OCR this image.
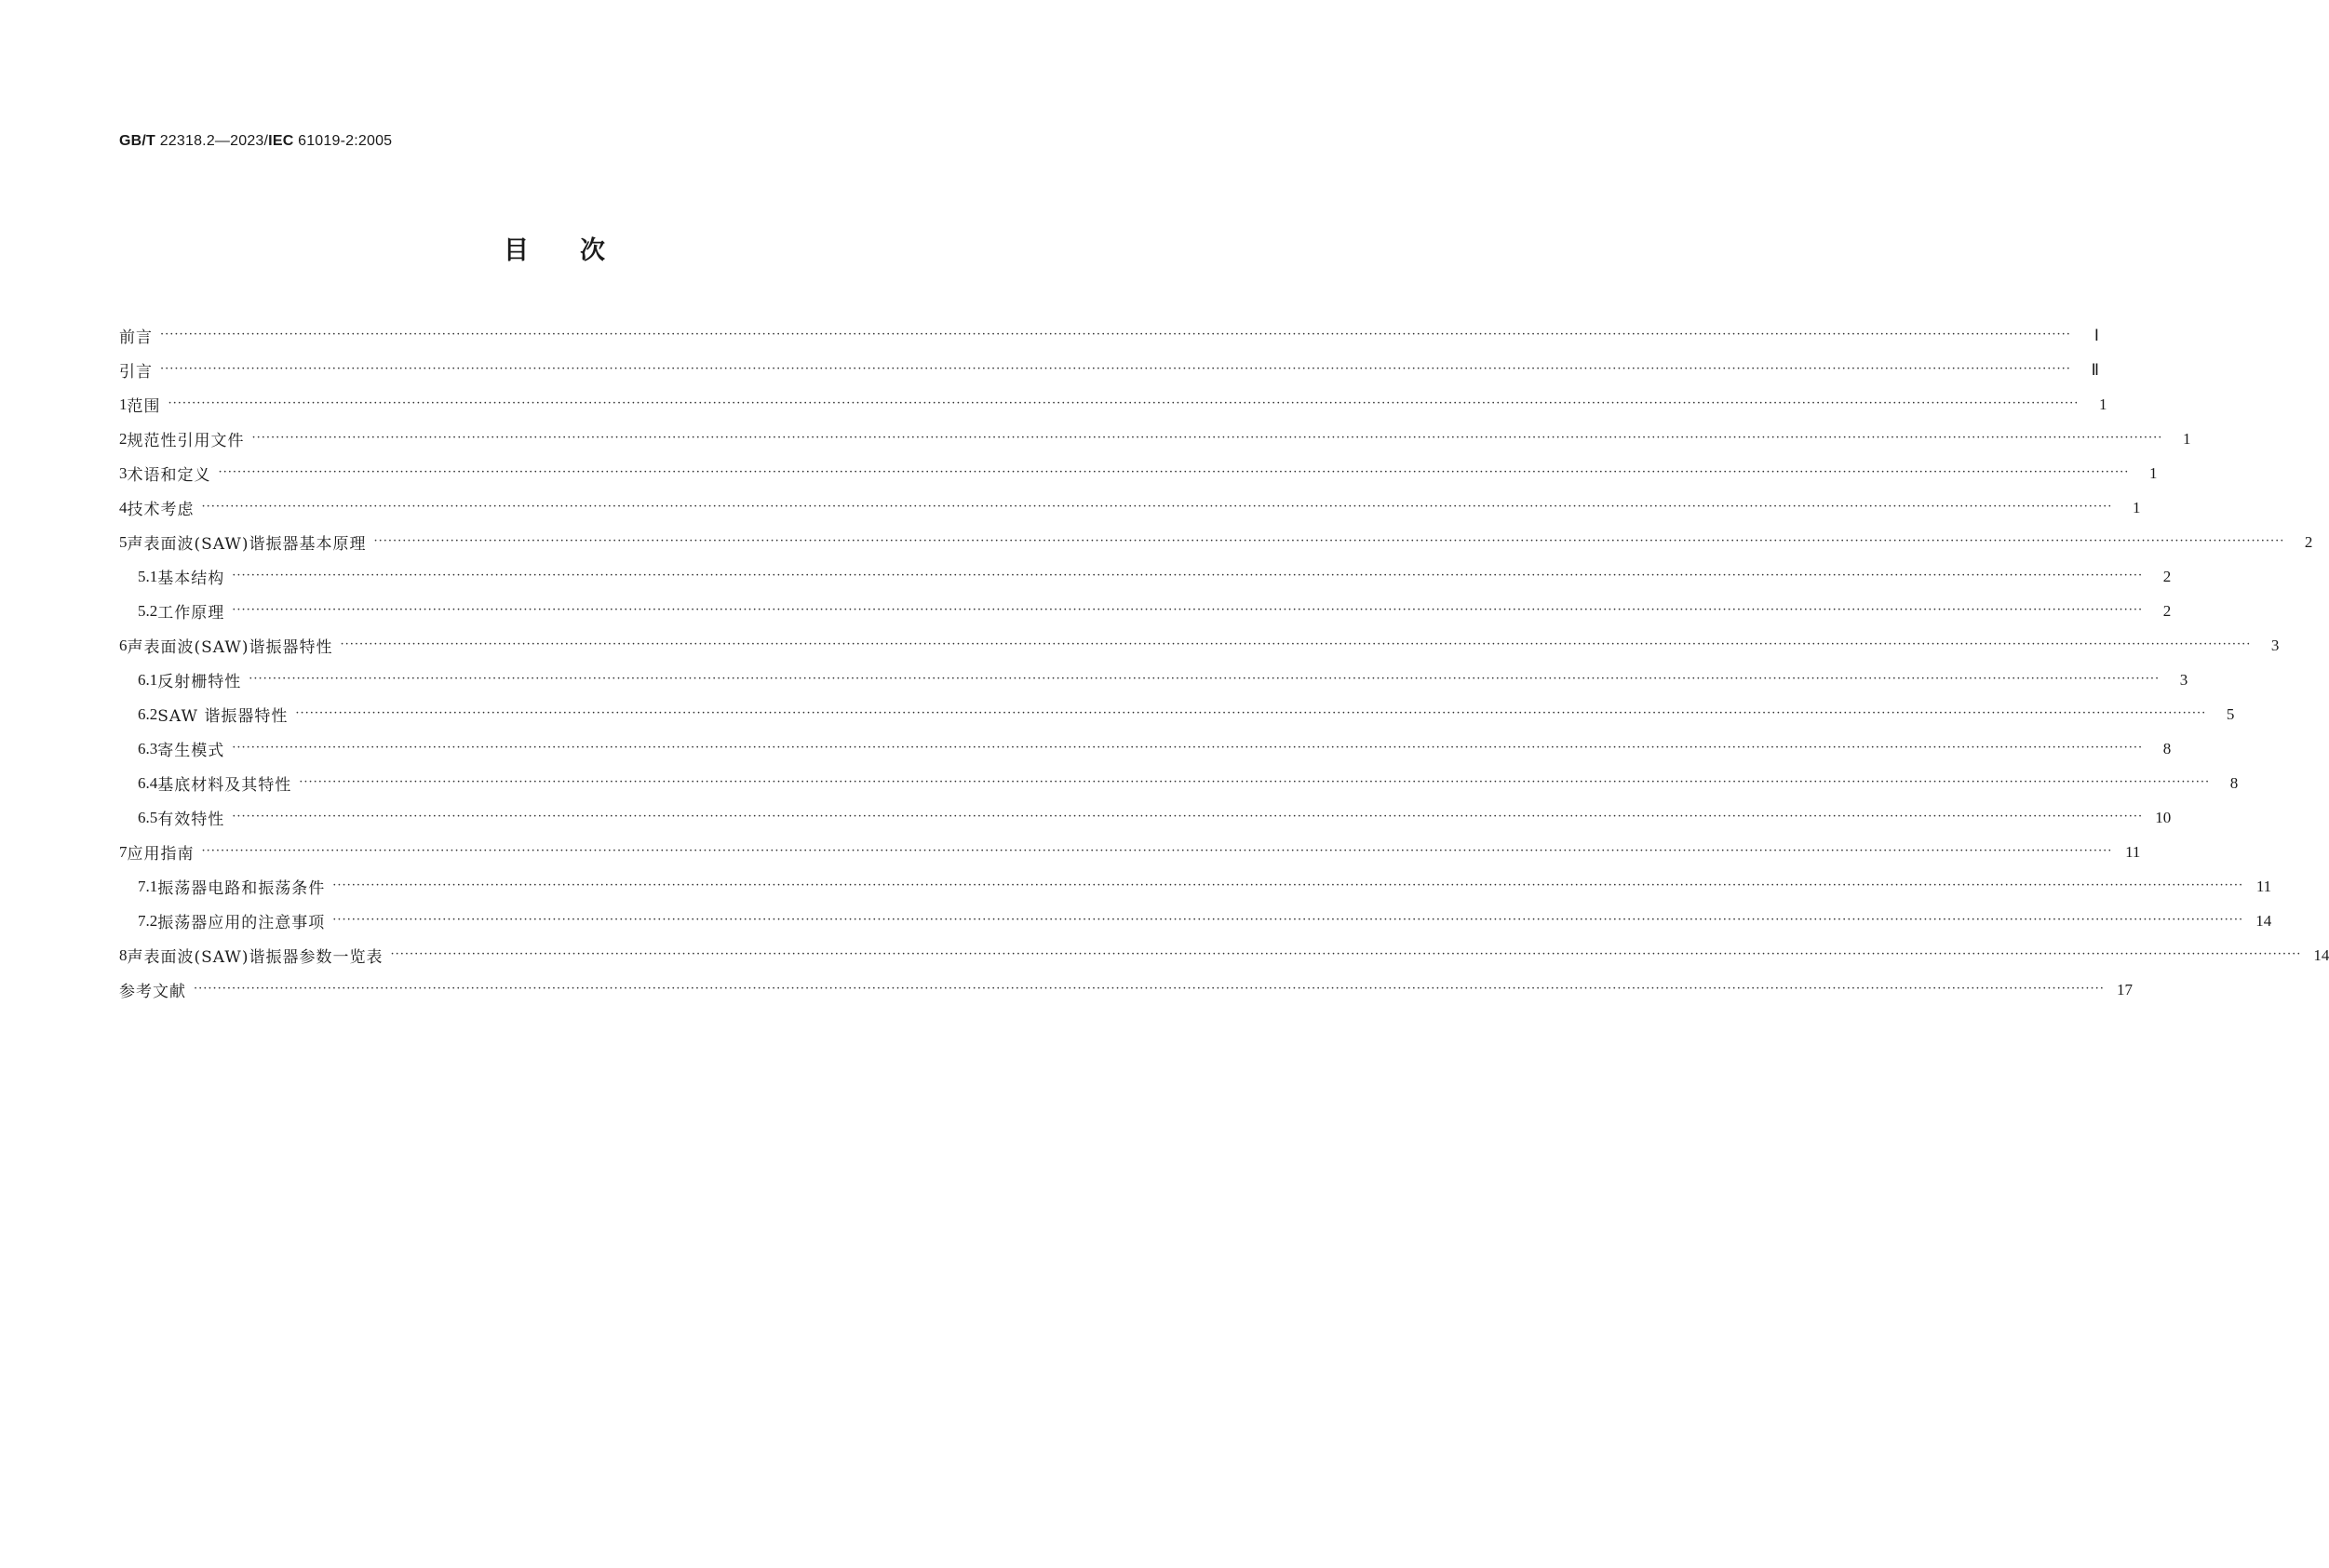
GB/T 22318.2—2023/IEC 61019-2:2005
目次
前言 ················································································································································································································································································································································································································	Ⅰ
引言 ················································································································································································································································································································································································································	Ⅱ
1 范围 ················································································································································································································································································································································································································	1
2 规范性引用文件 ················································································································································································································································································································································································································	1
3 术语和定义 ················································································································································································································································································································································································································	1
4 技术考虑 ················································································································································································································································································································································································································	1
5 声表面波(SAW)谐振器基本原理 ················································································································································································································································································································································································································	2
5.1 基本结构 ················································································································································································································································································································································································································	2
5.2 工作原理 ················································································································································································································································································································································································································	2
6 声表面波(SAW)谐振器特性 ················································································································································································································································································································································································································	3
6.1 反射栅特性 ················································································································································································································································································································································································································	3
6.2 SAW 谐振器特性 ················································································································································································································································································································································································································	5
6.3 寄生模式 ················································································································································································································································································································································································································	8
6.4 基底材料及其特性 ················································································································································································································································································································································································································	8
6.5 有效特性 ················································································································································································································································································································································································································ 10
7 应用指南 ················································································································································································································································································································································································································ 11
7.1 振荡器电路和振荡条件 ················································································································································································································································································································································································································ 11
7.2 振荡器应用的注意事项 ················································································································································································································································································································································································································ 14
8 声表面波(SAW)谐振器参数一览表 ················································································································································································································································································································································································································ 14
参考文献 ················································································································································································································································································································································································································ 17
